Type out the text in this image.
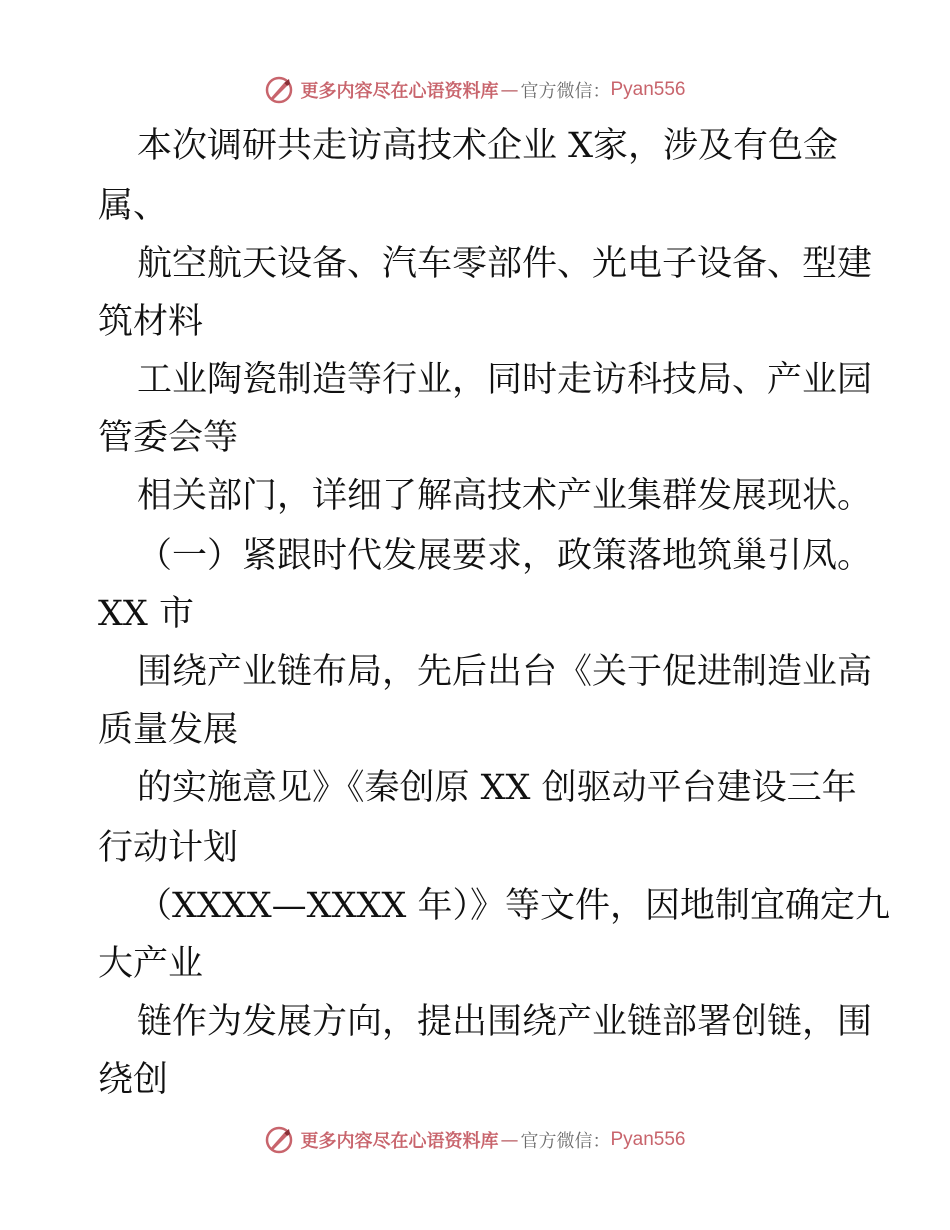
更多内容尽在心语资料库 — 官方微信： Pyan556
本次调研共走访高技术企业 X家，涉及有色金
属、
航空航天设备、汽车零部件、光电子设备、型建
筑材料
工业陶瓷制造等行业，同时走访科技局、产业园
管委会等
相关部门，详细了解高技术产业集群发展现状。
（一）紧跟时代发展要求，政策落地筑巢引凤。
XX 市
围绕产业链布局，先后出台《关于促进制造业高
质量发展
的实施意见》《秦创原 XX 创驱动平台建设三年
行动计划
（XXXX—XXXX 年）》等文件，因地制宜确定九
大产业
链作为发展方向，提出围绕产业链部署创链，围
绕创
更多内容尽在心语资料库 — 官方微信： Pyan556
